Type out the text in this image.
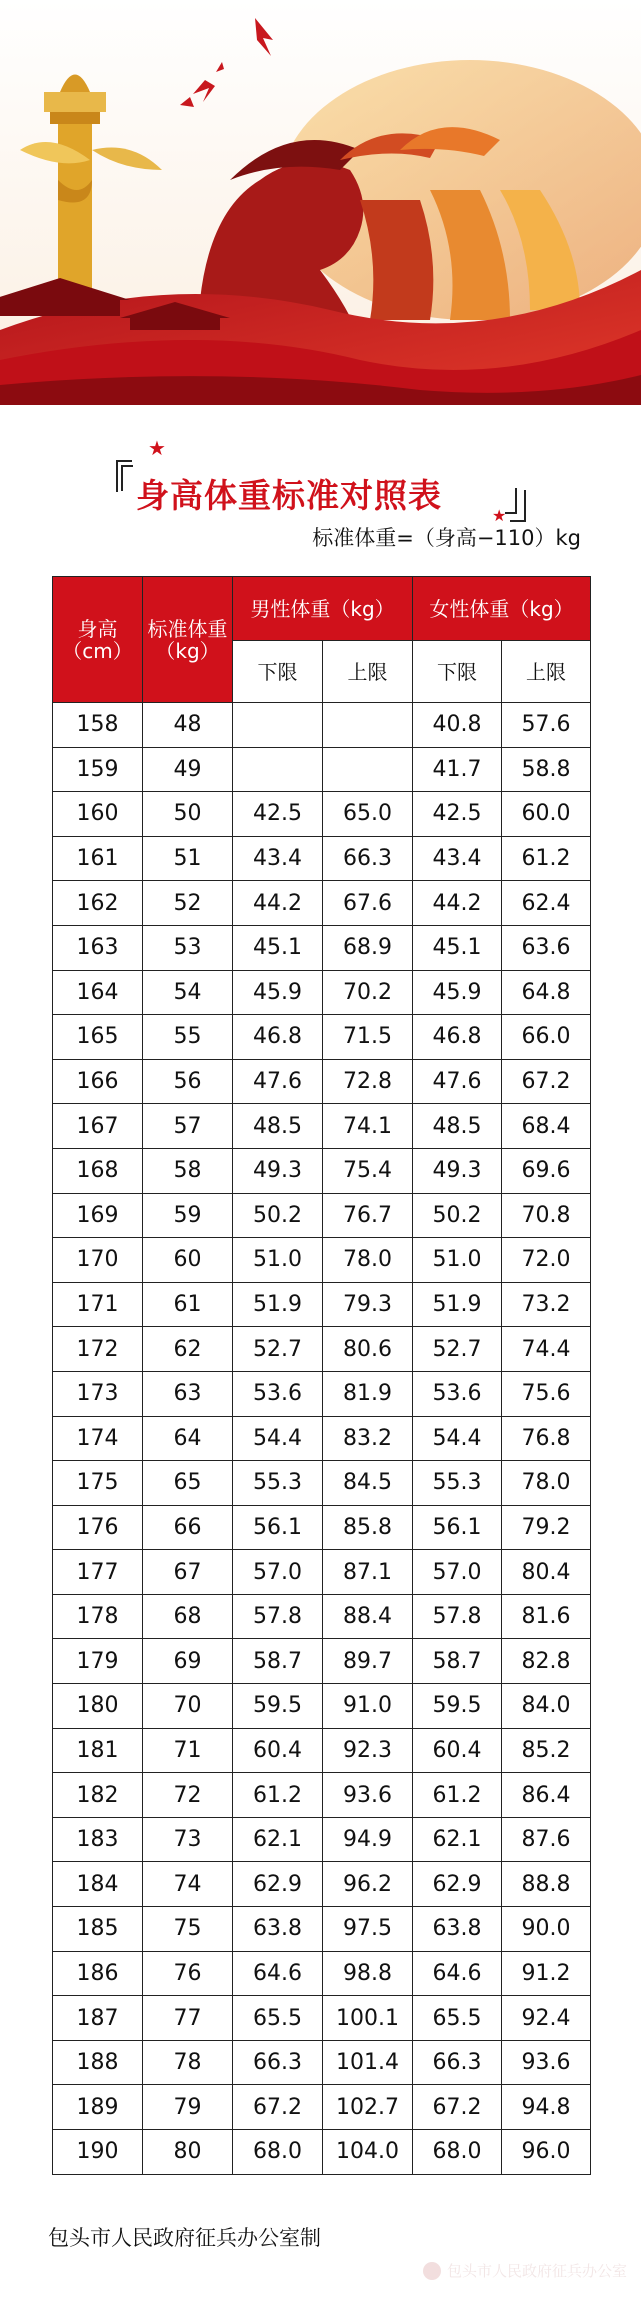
★
★
身高体重标准对照表
标准体重=（身高−110）kg
身高（cm）	标准体重（kg）	男性体重（kg）		女性体重（kg）	
		下限	上限	下限	上限
158	48			40.8	57.6
159	49			41.7	58.8
160	50	42.5	65.0	42.5	60.0
161	51	43.4	66.3	43.4	61.2
162	52	44.2	67.6	44.2	62.4
163	53	45.1	68.9	45.1	63.6
164	54	45.9	70.2	45.9	64.8
165	55	46.8	71.5	46.8	66.0
166	56	47.6	72.8	47.6	67.2
167	57	48.5	74.1	48.5	68.4
168	58	49.3	75.4	49.3	69.6
169	59	50.2	76.7	50.2	70.8
170	60	51.0	78.0	51.0	72.0
171	61	51.9	79.3	51.9	73.2
172	62	52.7	80.6	52.7	74.4
173	63	53.6	81.9	53.6	75.6
174	64	54.4	83.2	54.4	76.8
175	65	55.3	84.5	55.3	78.0
176	66	56.1	85.8	56.1	79.2
177	67	57.0	87.1	57.0	80.4
178	68	57.8	88.4	57.8	81.6
179	69	58.7	89.7	58.7	82.8
180	70	59.5	91.0	59.5	84.0
181	71	60.4	92.3	60.4	85.2
182	72	61.2	93.6	61.2	86.4
183	73	62.1	94.9	62.1	87.6
184	74	62.9	96.2	62.9	88.8
185	75	63.8	97.5	63.8	90.0
186	76	64.6	98.8	64.6	91.2
187	77	65.5	100.1	65.5	92.4
188	78	66.3	101.4	66.3	93.6
189	79	67.2	102.7	67.2	94.8
190	80	68.0	104.0	68.0	96.0
包头市人民政府征兵办公室制
包头市人民政府征兵办公室
